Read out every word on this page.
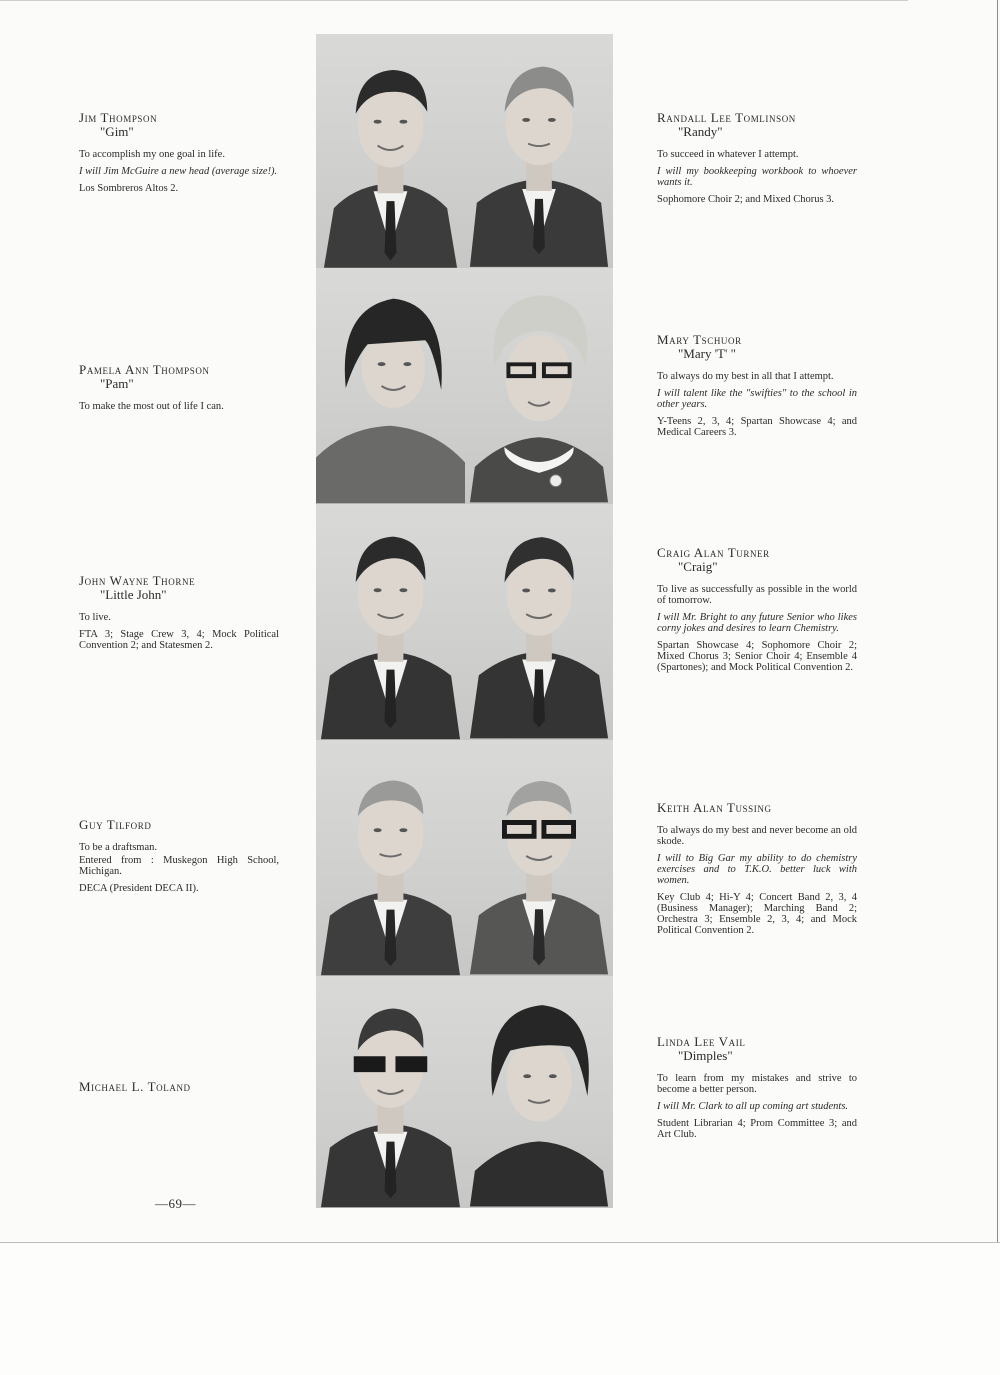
Jim Thompson
"Gim"
To accomplish my one goal in life.
I will Jim McGuire a new head (average size!).
Los Sombreros Altos 2.
Pamela Ann Thompson
"Pam"
To make the most out of life I can.
John Wayne Thorne
"Little John"
To live.
FTA 3; Stage Crew 3, 4; Mock Political Convention 2; and Statesmen 2.
Guy Tilford
To be a draftsman.
Entered from : Muskegon High School, Michigan.
DECA (President DECA II).
Michael L. Toland
Randall Lee Tomlinson
"Randy"
To succeed in whatever I attempt.
I will my bookkeeping workbook to whoever wants it.
Sophomore Choir 2; and Mixed Chorus 3.
Mary Tschuor
"Mary 'T' "
To always do my best in all that I attempt.
I will talent like the "swifties" to the school in other years.
Y-Teens 2, 3, 4; Spartan Showcase 4; and Medical Careers 3.
Craig Alan Turner
"Craig"
To live as successfully as possible in the world of tomorrow.
I will Mr. Bright to any future Senior who likes corny jokes and desires to learn Chemistry.
Spartan Showcase 4; Sophomore Choir 2; Mixed Chorus 3; Senior Choir 4; Ensemble 4 (Spartones); and Mock Political Convention 2.
Keith Alan Tussing
To always do my best and never become an old skode.
I will to Big Gar my ability to do chemistry exercises and to T.K.O. better luck with women.
Key Club 4; Hi-Y 4; Concert Band 2, 3, 4 (Business Manager); Marching Band 2; Orchestra 3; Ensemble 2, 3, 4; and Mock Political Convention 2.
Linda Lee Vail
"Dimples"
To learn from my mistakes and strive to become a better person.
I will Mr. Clark to all up coming art students.
Student Librarian 4; Prom Committee 3; and Art Club.
—69—
